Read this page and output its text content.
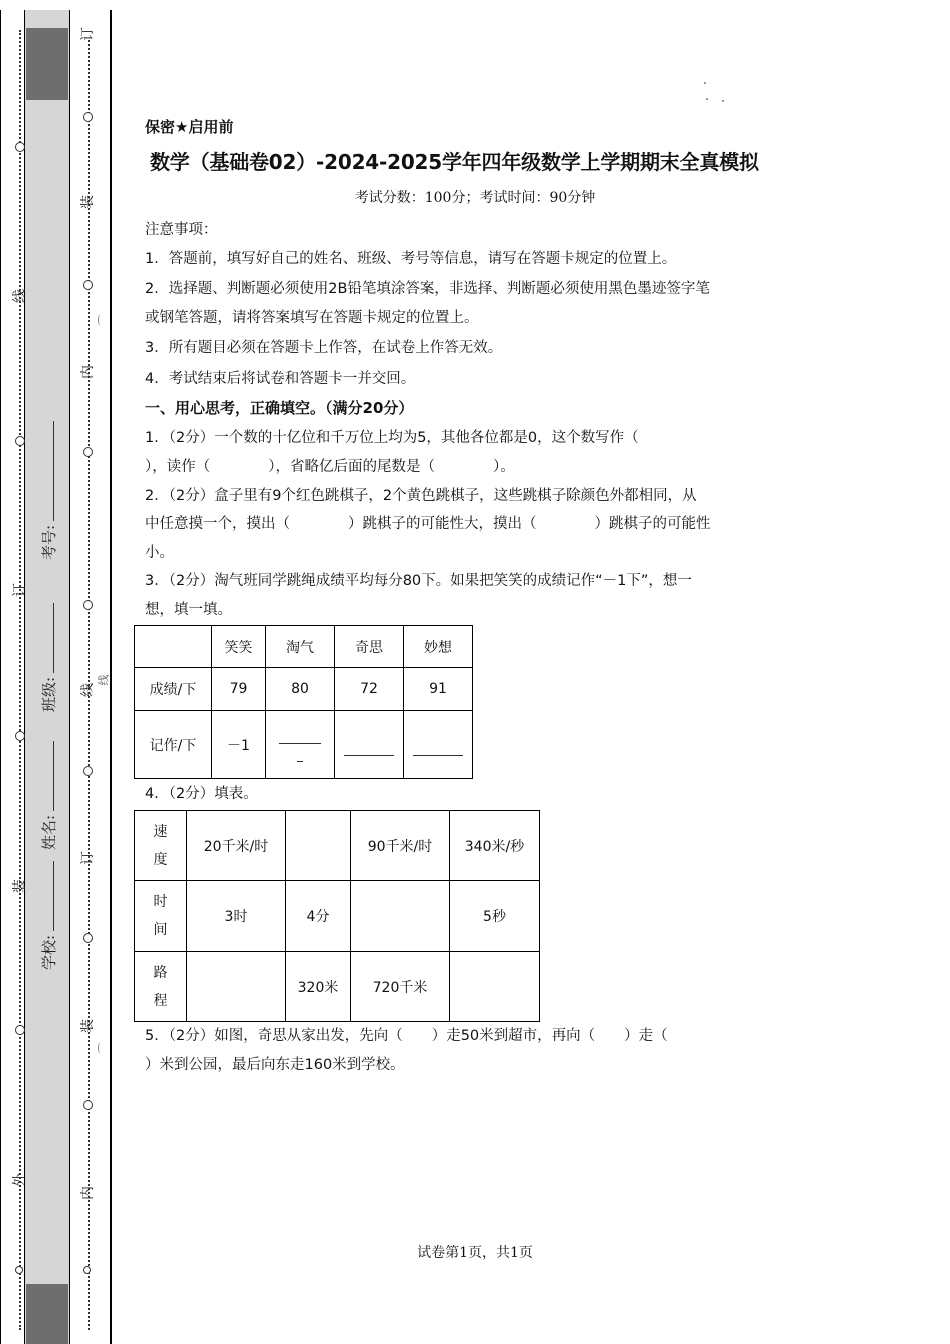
订
装
内
线
订
装
内
⌒
线
⌒
线
订
装
外
考号:
班级:
姓名:
学校:
保密★启用前
数学（基础卷02）-2024-2025学年四年级数学上学期期末全真模拟
考试分数：100分；考试时间：90分钟
注意事项：
1．答题前，填写好自己的姓名、班级、考号等信息，请写在答题卡规定的位置上。
2．选择题、判断题必须使用2B铅笔填涂答案，非选择、判断题必须使用黑色墨迹签字笔
或钢笔答题，请将答案填写在答题卡规定的位置上。
3．所有题目必须在答题卡上作答，在试卷上作答无效。
4．考试结束后将试卷和答题卡一并交回。
一、用心思考，正确填空。（满分20分）
1．（2分）一个数的十亿位和千万位上均为5，其他各位都是0，这个数写作（
），读作（　　　　），省略亿后面的尾数是（　　　　）。
2．（2分）盒子里有9个红色跳棋子，2个黄色跳棋子，这些跳棋子除颜色外都相同，从
中任意摸一个，摸出（　　　　）跳棋子的可能性大，摸出（　　　　）跳棋子的可能性
小。
3．（2分）淘气班同学跳绳成绩平均每分80下。如果把笑笑的成绩记作“－1下”，想一
想，填一填。
	笑笑	淘气	奇思	妙想
成绩/下	79	80	72	91
记作/下	－1	_		

4．（2分）填表。
速度	20千米/时		90千米/时	340米/秒

时间	3时	4分		5秒

路程		320米	720千米	
5．（2分）如图，奇思从家出发，先向（　　）走50米到超市，再向（　　）走（
）米到公园，最后向东走160米到学校。
试卷第1页，共1页
